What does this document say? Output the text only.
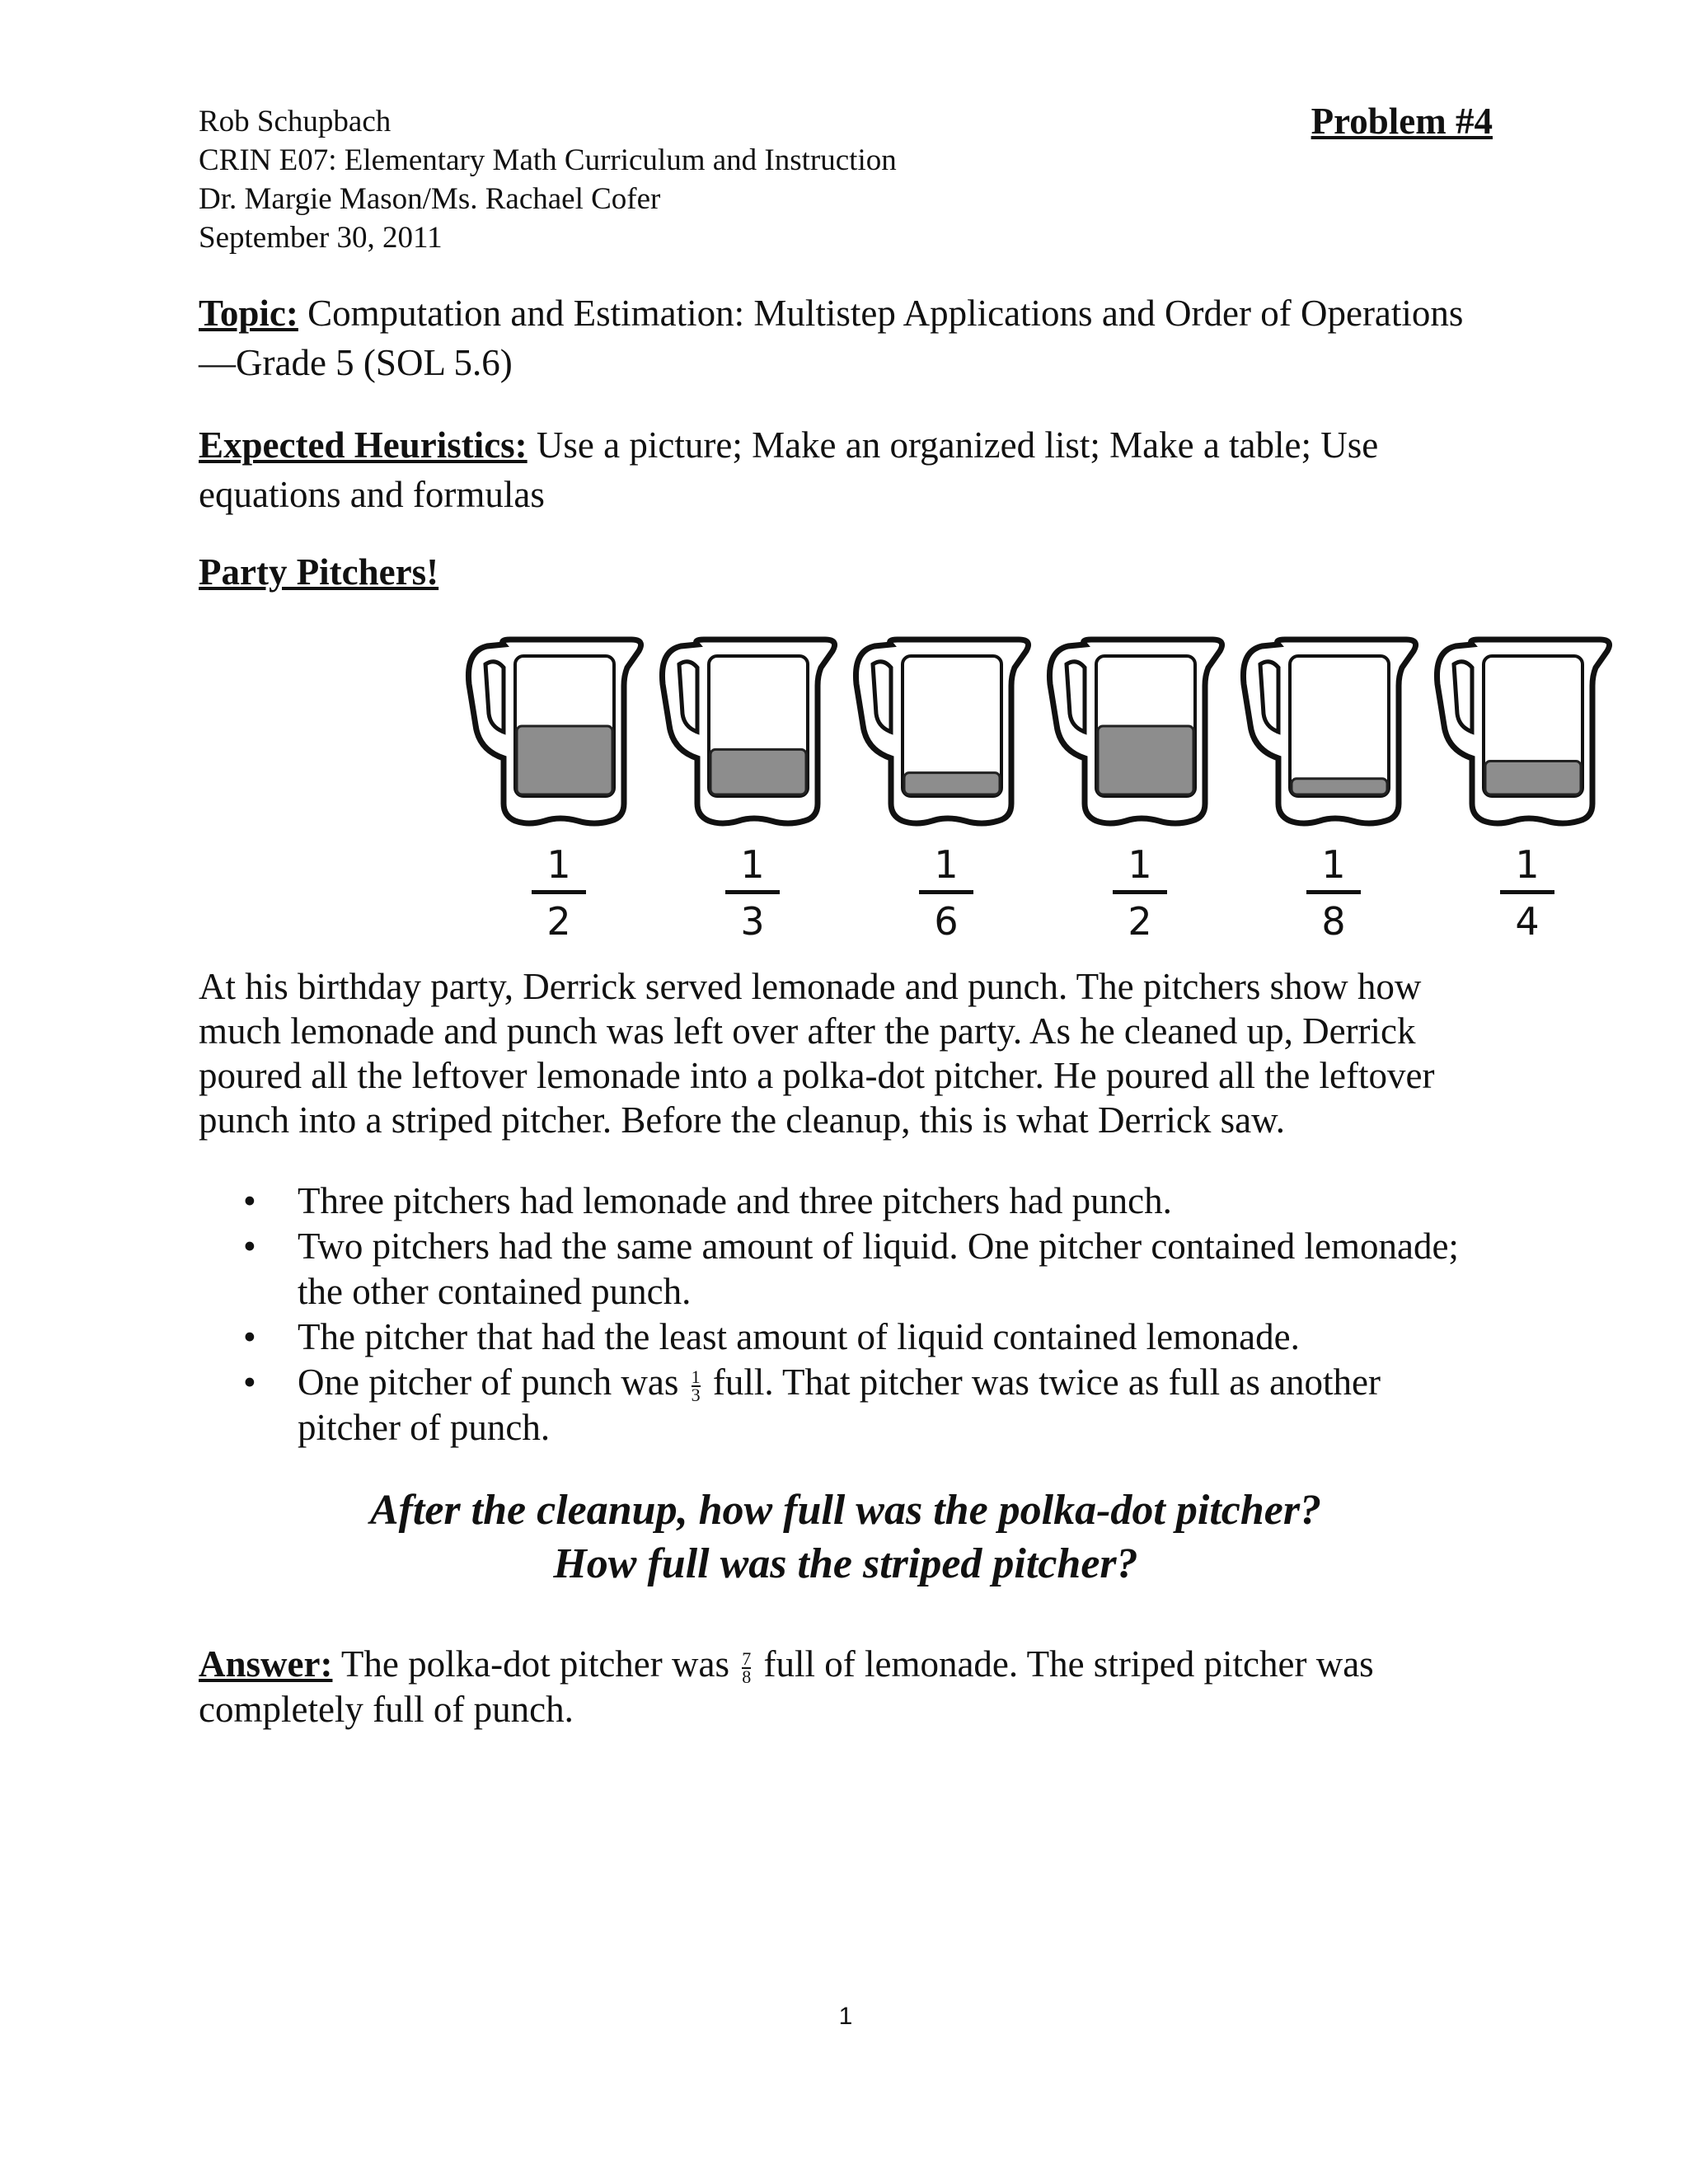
Rob Schupbach	Problem #4
CRIN E07: Elementary Math Curriculum and Instruction
Dr. Margie Mason/Ms. Rachael Cofer
September 30, 2011
Topic: Computation and Estimation: Multistep Applications and Order of Operations—Grade 5 (SOL 5.6)
Expected Heuristics: Use a picture; Make an organized list; Make a table; Use equations and formulas
Party Pitchers!
1
2
1
3
1
6
1
2
1
8
1
4
At his birthday party, Derrick served lemonade and punch. The pitchers show how much lemonade and punch was left over after the party. As he cleaned up, Derrick poured all the leftover lemonade into a polka-dot pitcher. He poured all the leftover punch into a striped pitcher. Before the cleanup, this is what Derrick saw.
• Three pitchers had lemonade and three pitchers had punch.
• Two pitchers had the same amount of liquid. One pitcher contained lemonade; the other contained punch.
• The pitcher that had the least amount of liquid contained lemonade.
• One pitcher of punch was $\frac{1}{3}$ full. That pitcher was twice as full as another pitcher of punch.
After the cleanup, how full was the polka-dot pitcher?
How full was the striped pitcher?
Answer: The polka-dot pitcher was $\frac{7}{8}$ full of lemonade. The striped pitcher was completely full of punch.
1
